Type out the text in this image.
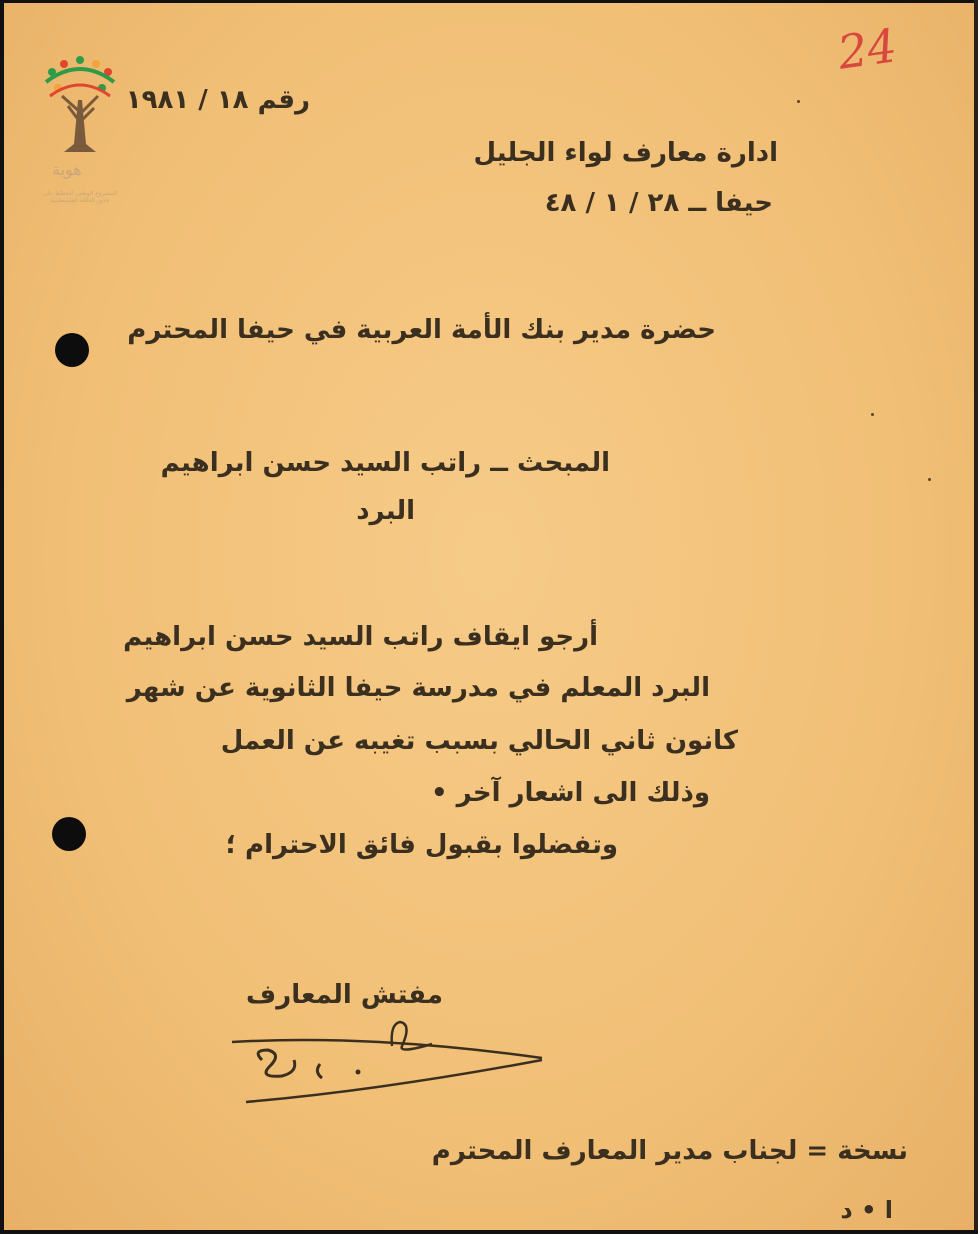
هوية
المشروع الوطني للحفاظ على جذور العائلة الفلسطينية
24
رقم ١٨ / ١٩٨١
ادارة معارف لواء الجليل
حيفا ــ ٢٨ / ١ / ٤٨
حضرة مدير بنك الأمة العربية في حيفا المحترم
المبحث ــ راتب السيد حسن ابراهيم
البرد
أرجو ايقاف راتب السيد حسن ابراهيم
البرد المعلم في مدرسة حيفا الثانوية عن شهر
كانون ثاني الحالي بسبب تغيبه عن العمل
وذلك الى اشعار آخر •
وتفضلوا بقبول فائق الاحترام ؛
مفتش المعارف
نسخة = لجناب مدير المعارف المحترم
ا • د
